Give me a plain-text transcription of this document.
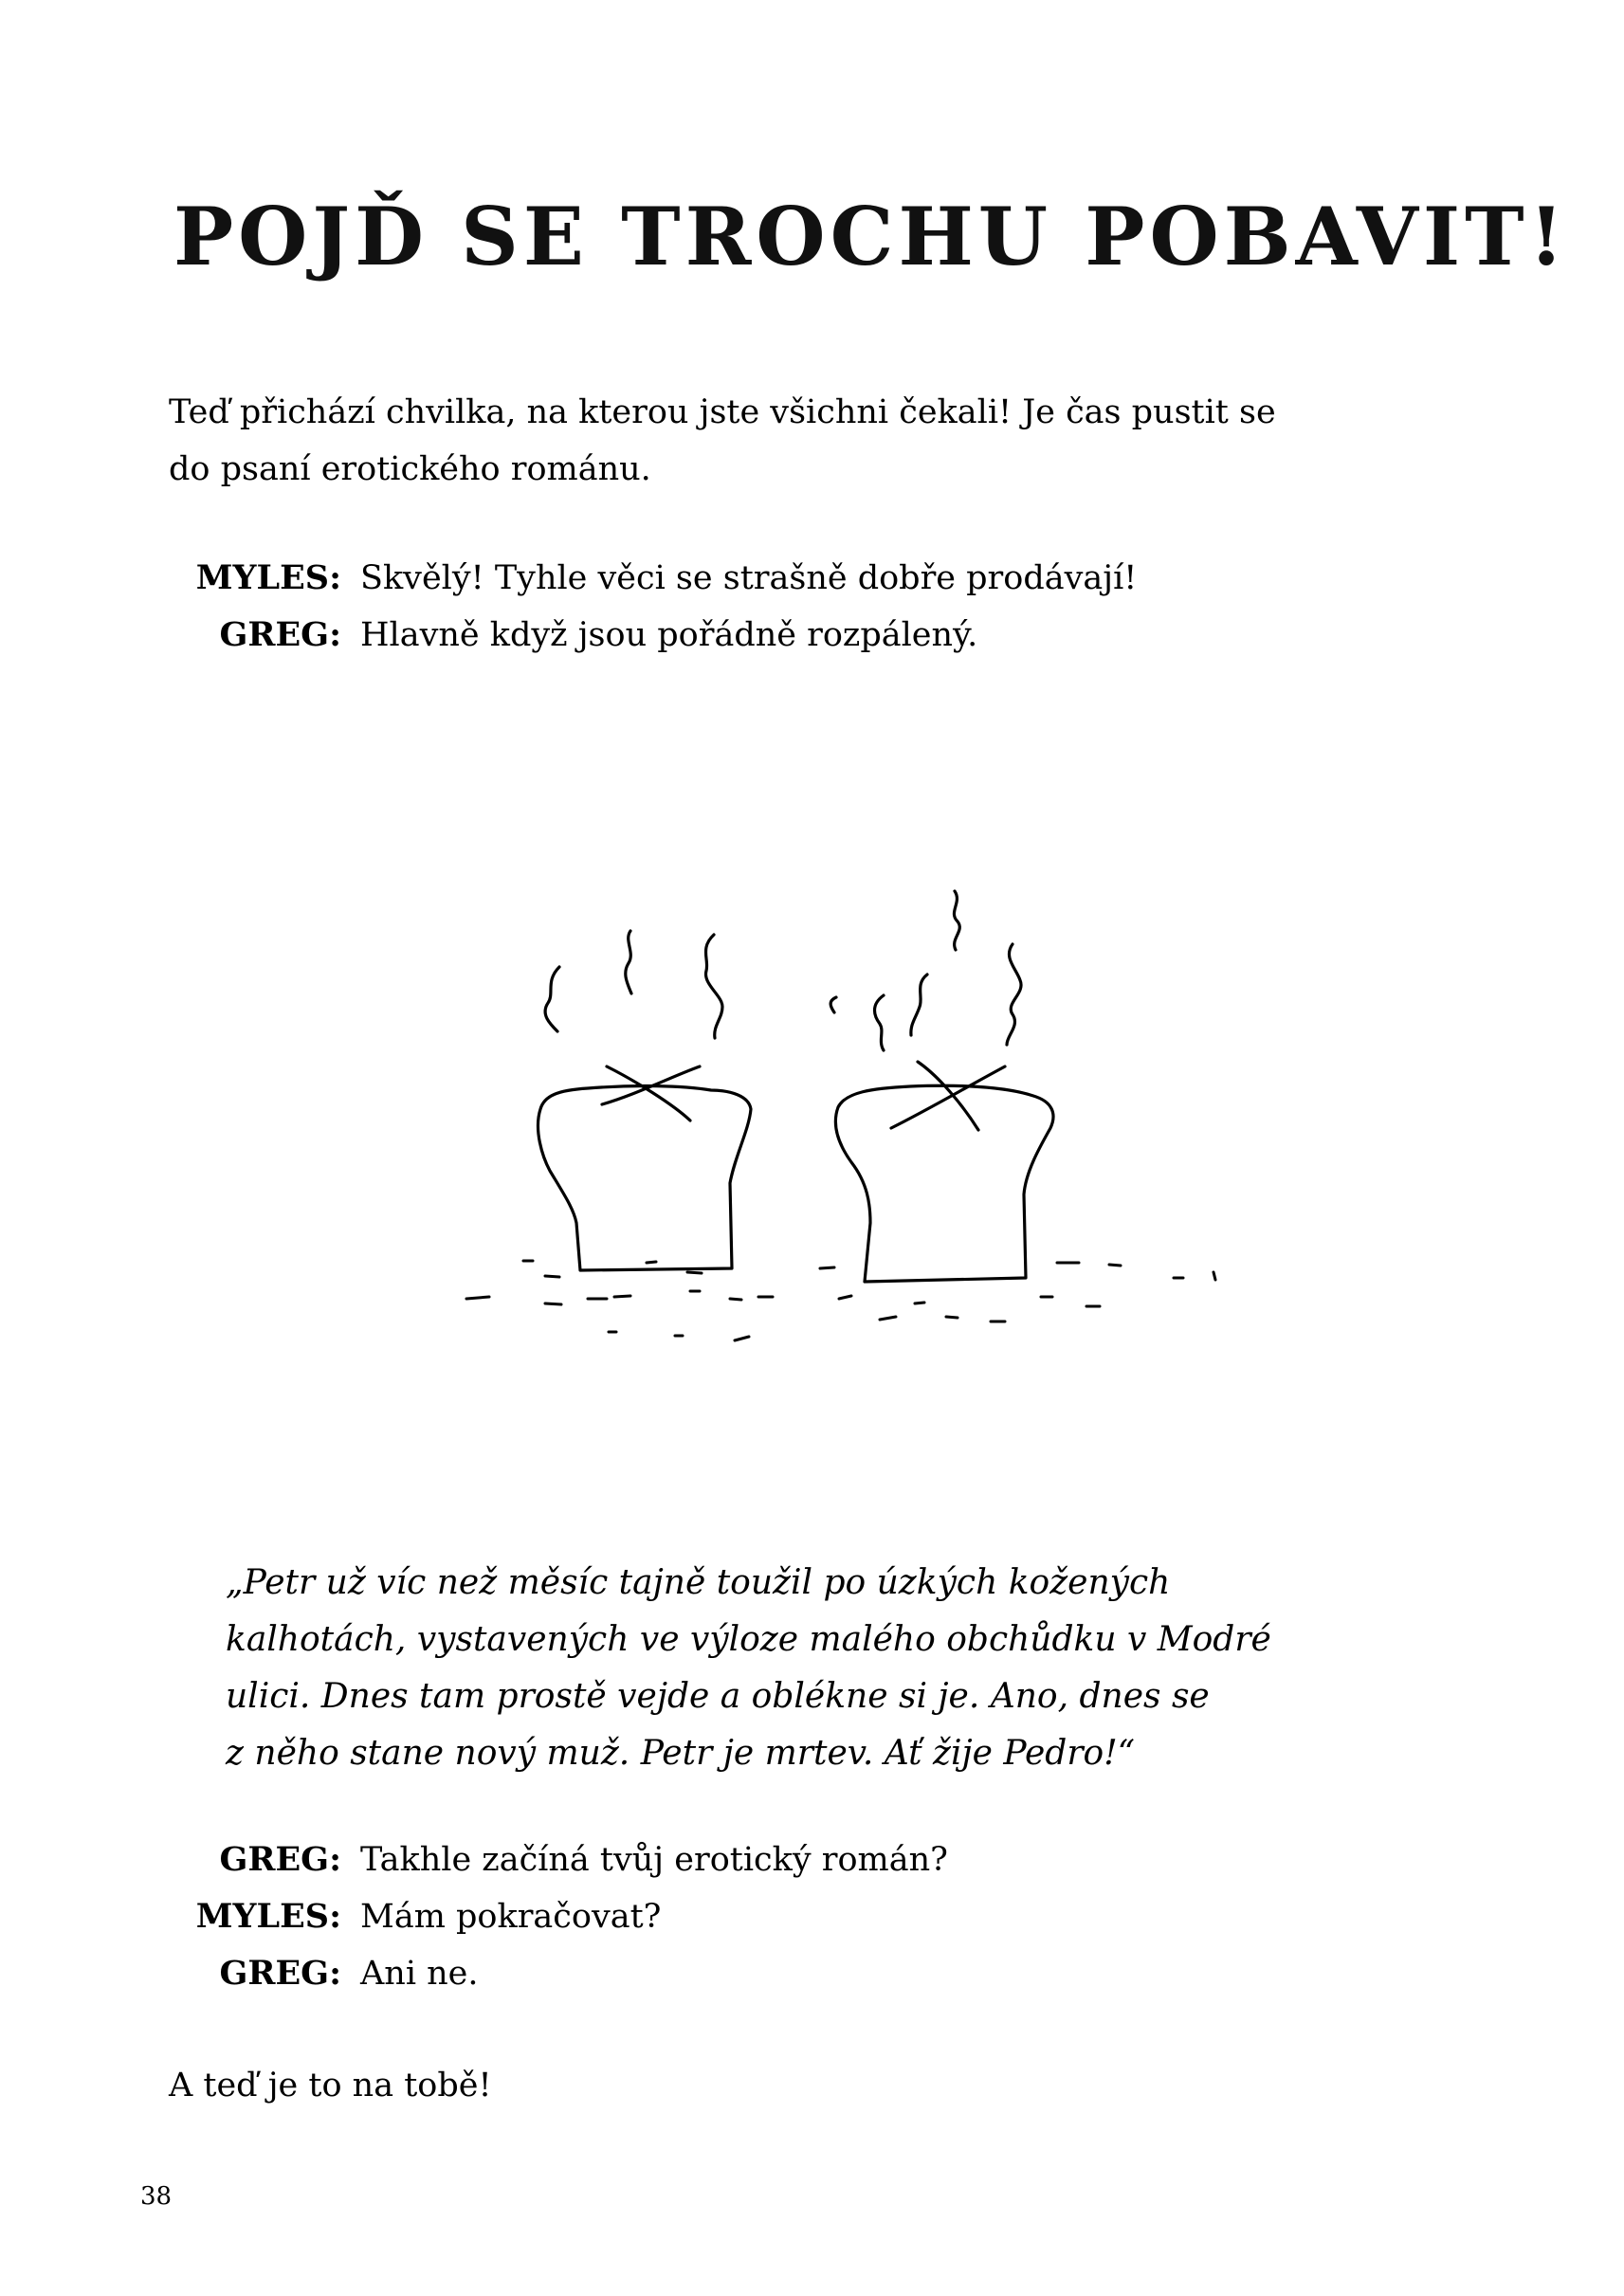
POJĎ SE TROCHU POBAVIT!

Teď přichází chvilka, na kterou jste všichni čekali! Je čas pustit se
do psaní erotického románu.

MYLES: Skvělý! Tyhle věci se strašně dobře prodávají!
GREG: Hlavně když jsou pořádně rozpálený.

„Petr už víc než měsíc tajně toužil po úzkých kožených
kalhotách, vystavených ve výloze malého obchůdku v Modré
ulici. Dnes tam prostě vejde a oblékne si je. Ano, dnes se
z něho stane nový muž. Petr je mrtev. Ať žije Pedro!“

GREG: Takhle začíná tvůj erotický román?
MYLES: Mám pokračovat?
GREG: Ani ne.

A teď je to na tobě!

38
